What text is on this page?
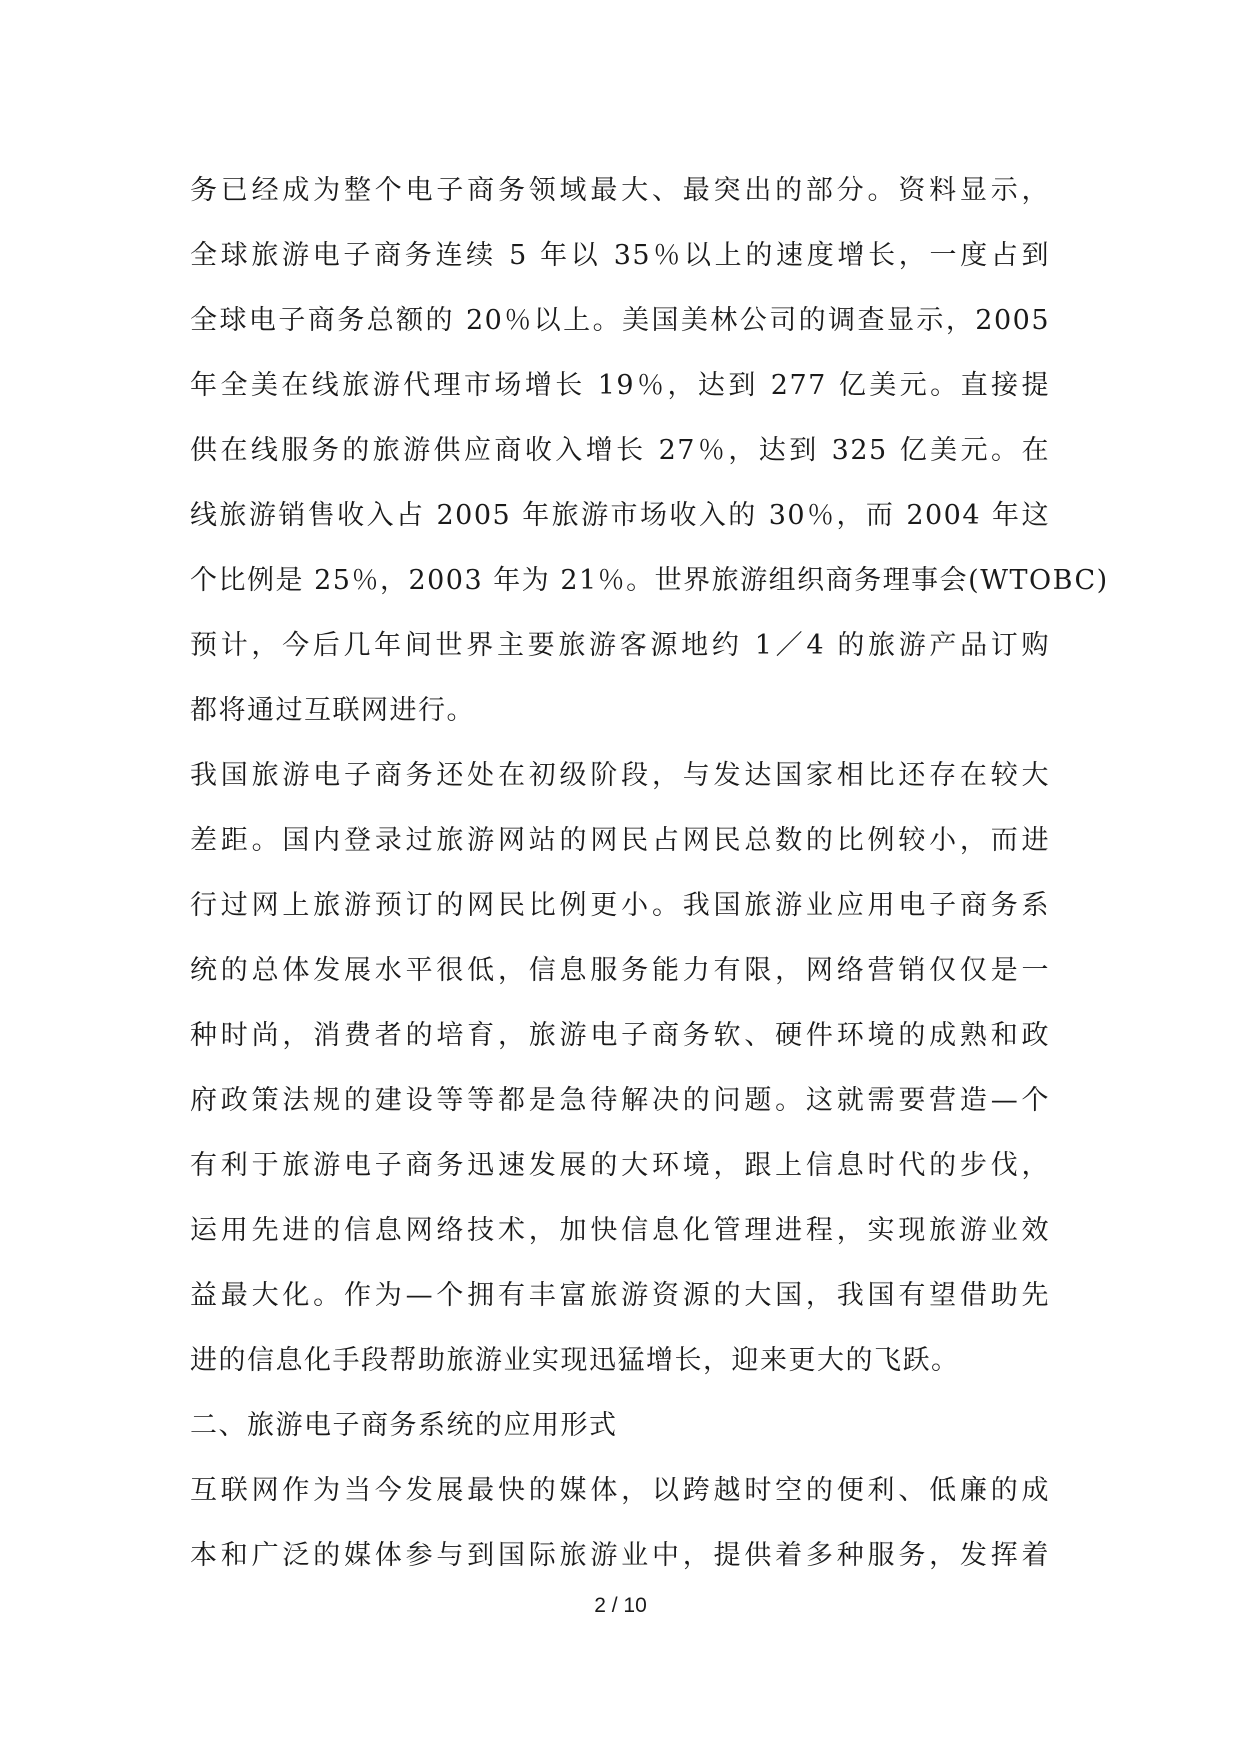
务已经成为整个电子商务领域最大、最突出的部分。资料显示，
全球旅游电子商务连续 5 年以 35％以上的速度增长，一度占到
全球电子商务总额的 20％以上。美国美林公司的调查显示，2005
年全美在线旅游代理市场增长 19％，达到 277 亿美元。直接提
供在线服务的旅游供应商收入增长 27％，达到 325 亿美元。在
线旅游销售收入占 2005 年旅游市场收入的 30％，而 2004 年这
个比例是 25％，2003 年为 21％。世界旅游组织商务理事会(WTOBC)
预计，今后几年间世界主要旅游客源地约 1／4 的旅游产品订购
都将通过互联网进行。
我国旅游电子商务还处在初级阶段，与发达国家相比还存在较大
差距。国内登录过旅游网站的网民占网民总数的比例较小，而进
行过网上旅游预订的网民比例更小。我国旅游业应用电子商务系
统的总体发展水平很低，信息服务能力有限，网络营销仅仅是一
种时尚，消费者的培育，旅游电子商务软、硬件环境的成熟和政
府政策法规的建设等等都是急待解决的问题。这就需要营造—个
有利于旅游电子商务迅速发展的大环境，跟上信息时代的步伐，
运用先进的信息网络技术，加快信息化管理进程，实现旅游业效
益最大化。作为—个拥有丰富旅游资源的大国，我国有望借助先
进的信息化手段帮助旅游业实现迅猛增长，迎来更大的飞跃。
二、旅游电子商务系统的应用形式
互联网作为当今发展最快的媒体，以跨越时空的便利、低廉的成
本和广泛的媒体参与到国际旅游业中，提供着多种服务，发挥着
2 / 10
